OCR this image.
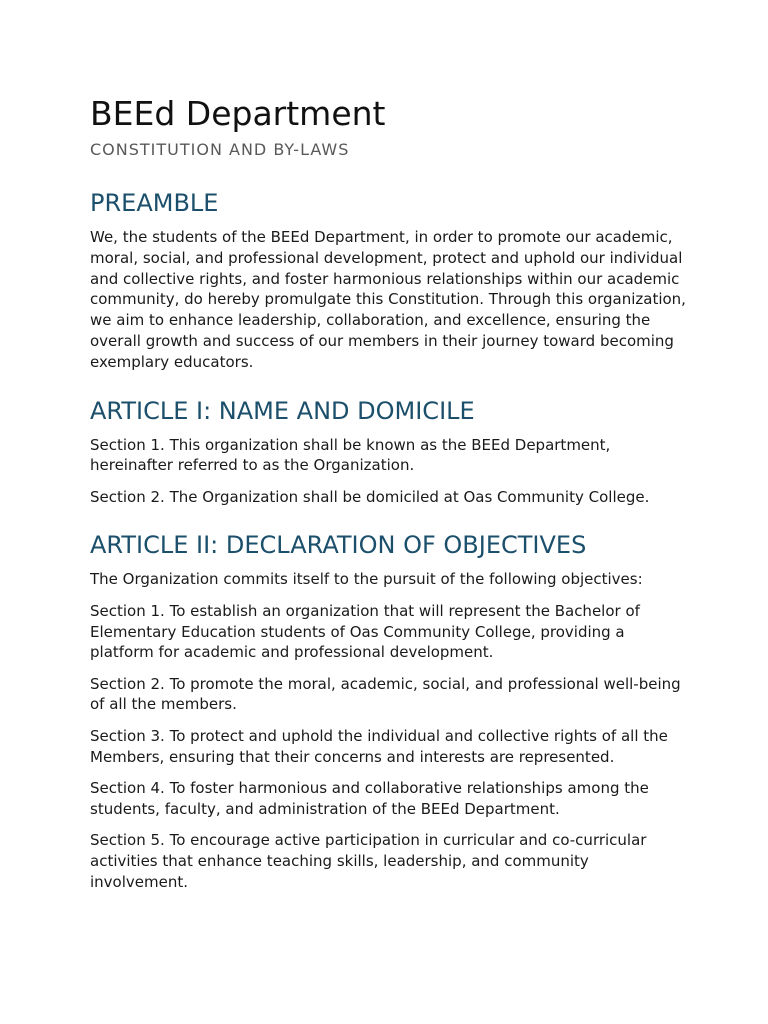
BEEd Department
CONSTITUTION AND BY-LAWS
PREAMBLE

We, the students of the BEEd Department, in order to promote our academic, moral, social, and professional development, protect and uphold our individual and collective rights, and foster harmonious relationships within our academic community, do hereby promulgate this Constitution. Through this organization, we aim to enhance leadership, collaboration, and excellence, ensuring the overall growth and success of our members in their journey toward becoming exemplary educators.

ARTICLE I: NAME AND DOMICILE

Section 1. This organization shall be known as the BEEd Department, hereinafter referred to as the Organization.

Section 2. The Organization shall be domiciled at Oas Community College.

ARTICLE II: DECLARATION OF OBJECTIVES

The Organization commits itself to the pursuit of the following objectives:

Section 1. To establish an organization that will represent the Bachelor of Elementary Education students of Oas Community College, providing a platform for academic and professional development.

Section 2. To promote the moral, academic, social, and professional well-being of all the members.

Section 3. To protect and uphold the individual and collective rights of all the Members, ensuring that their concerns and interests are represented.

Section 4. To foster harmonious and collaborative relationships among the students, faculty, and administration of the BEEd Department.

Section 5. To encourage active participation in curricular and co-curricular activities that enhance teaching skills, leadership, and community involvement.
